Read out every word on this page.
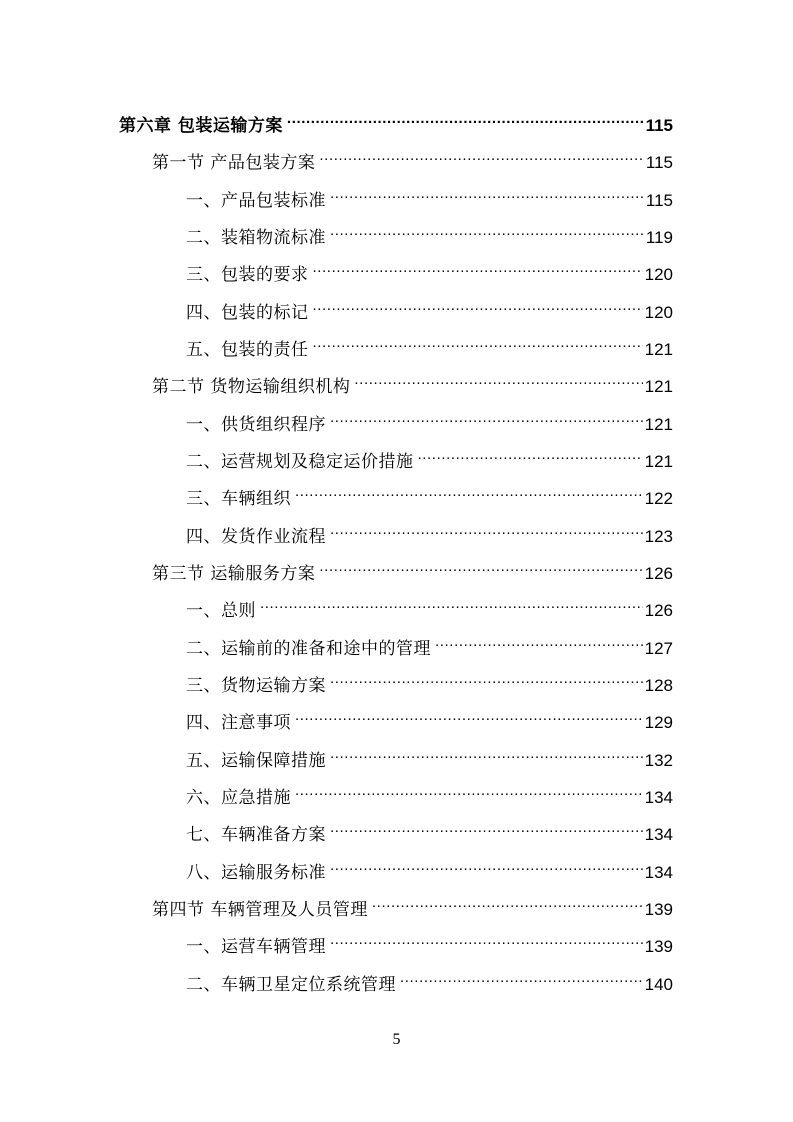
第六章 包装运输方案 .....	115
第一节 产品包装方案 .....	115
一、产品包装标准 .....	115
二、装箱物流标准 .....	119
三、包装的要求 .....	120
四、包装的标记 .....	120
五、包装的责任 .....	121
第二节 货物运输组织机构 .....	121
一、供货组织程序 .....	121
二、运营规划及稳定运价措施 .....	121
三、车辆组织 .....	122
四、发货作业流程 .....	123
第三节 运输服务方案 .....	126
一、总则 .....	126
二、运输前的准备和途中的管理 .....	127
三、货物运输方案 .....	128
四、注意事项 .....	129
五、运输保障措施 .....	132
六、应急措施 .....	134
七、车辆准备方案 .....	134
八、运输服务标准 .....	134
第四节 车辆管理及人员管理 .....	139
一、运营车辆管理 .....	139
二、车辆卫星定位系统管理 .....	140
5
